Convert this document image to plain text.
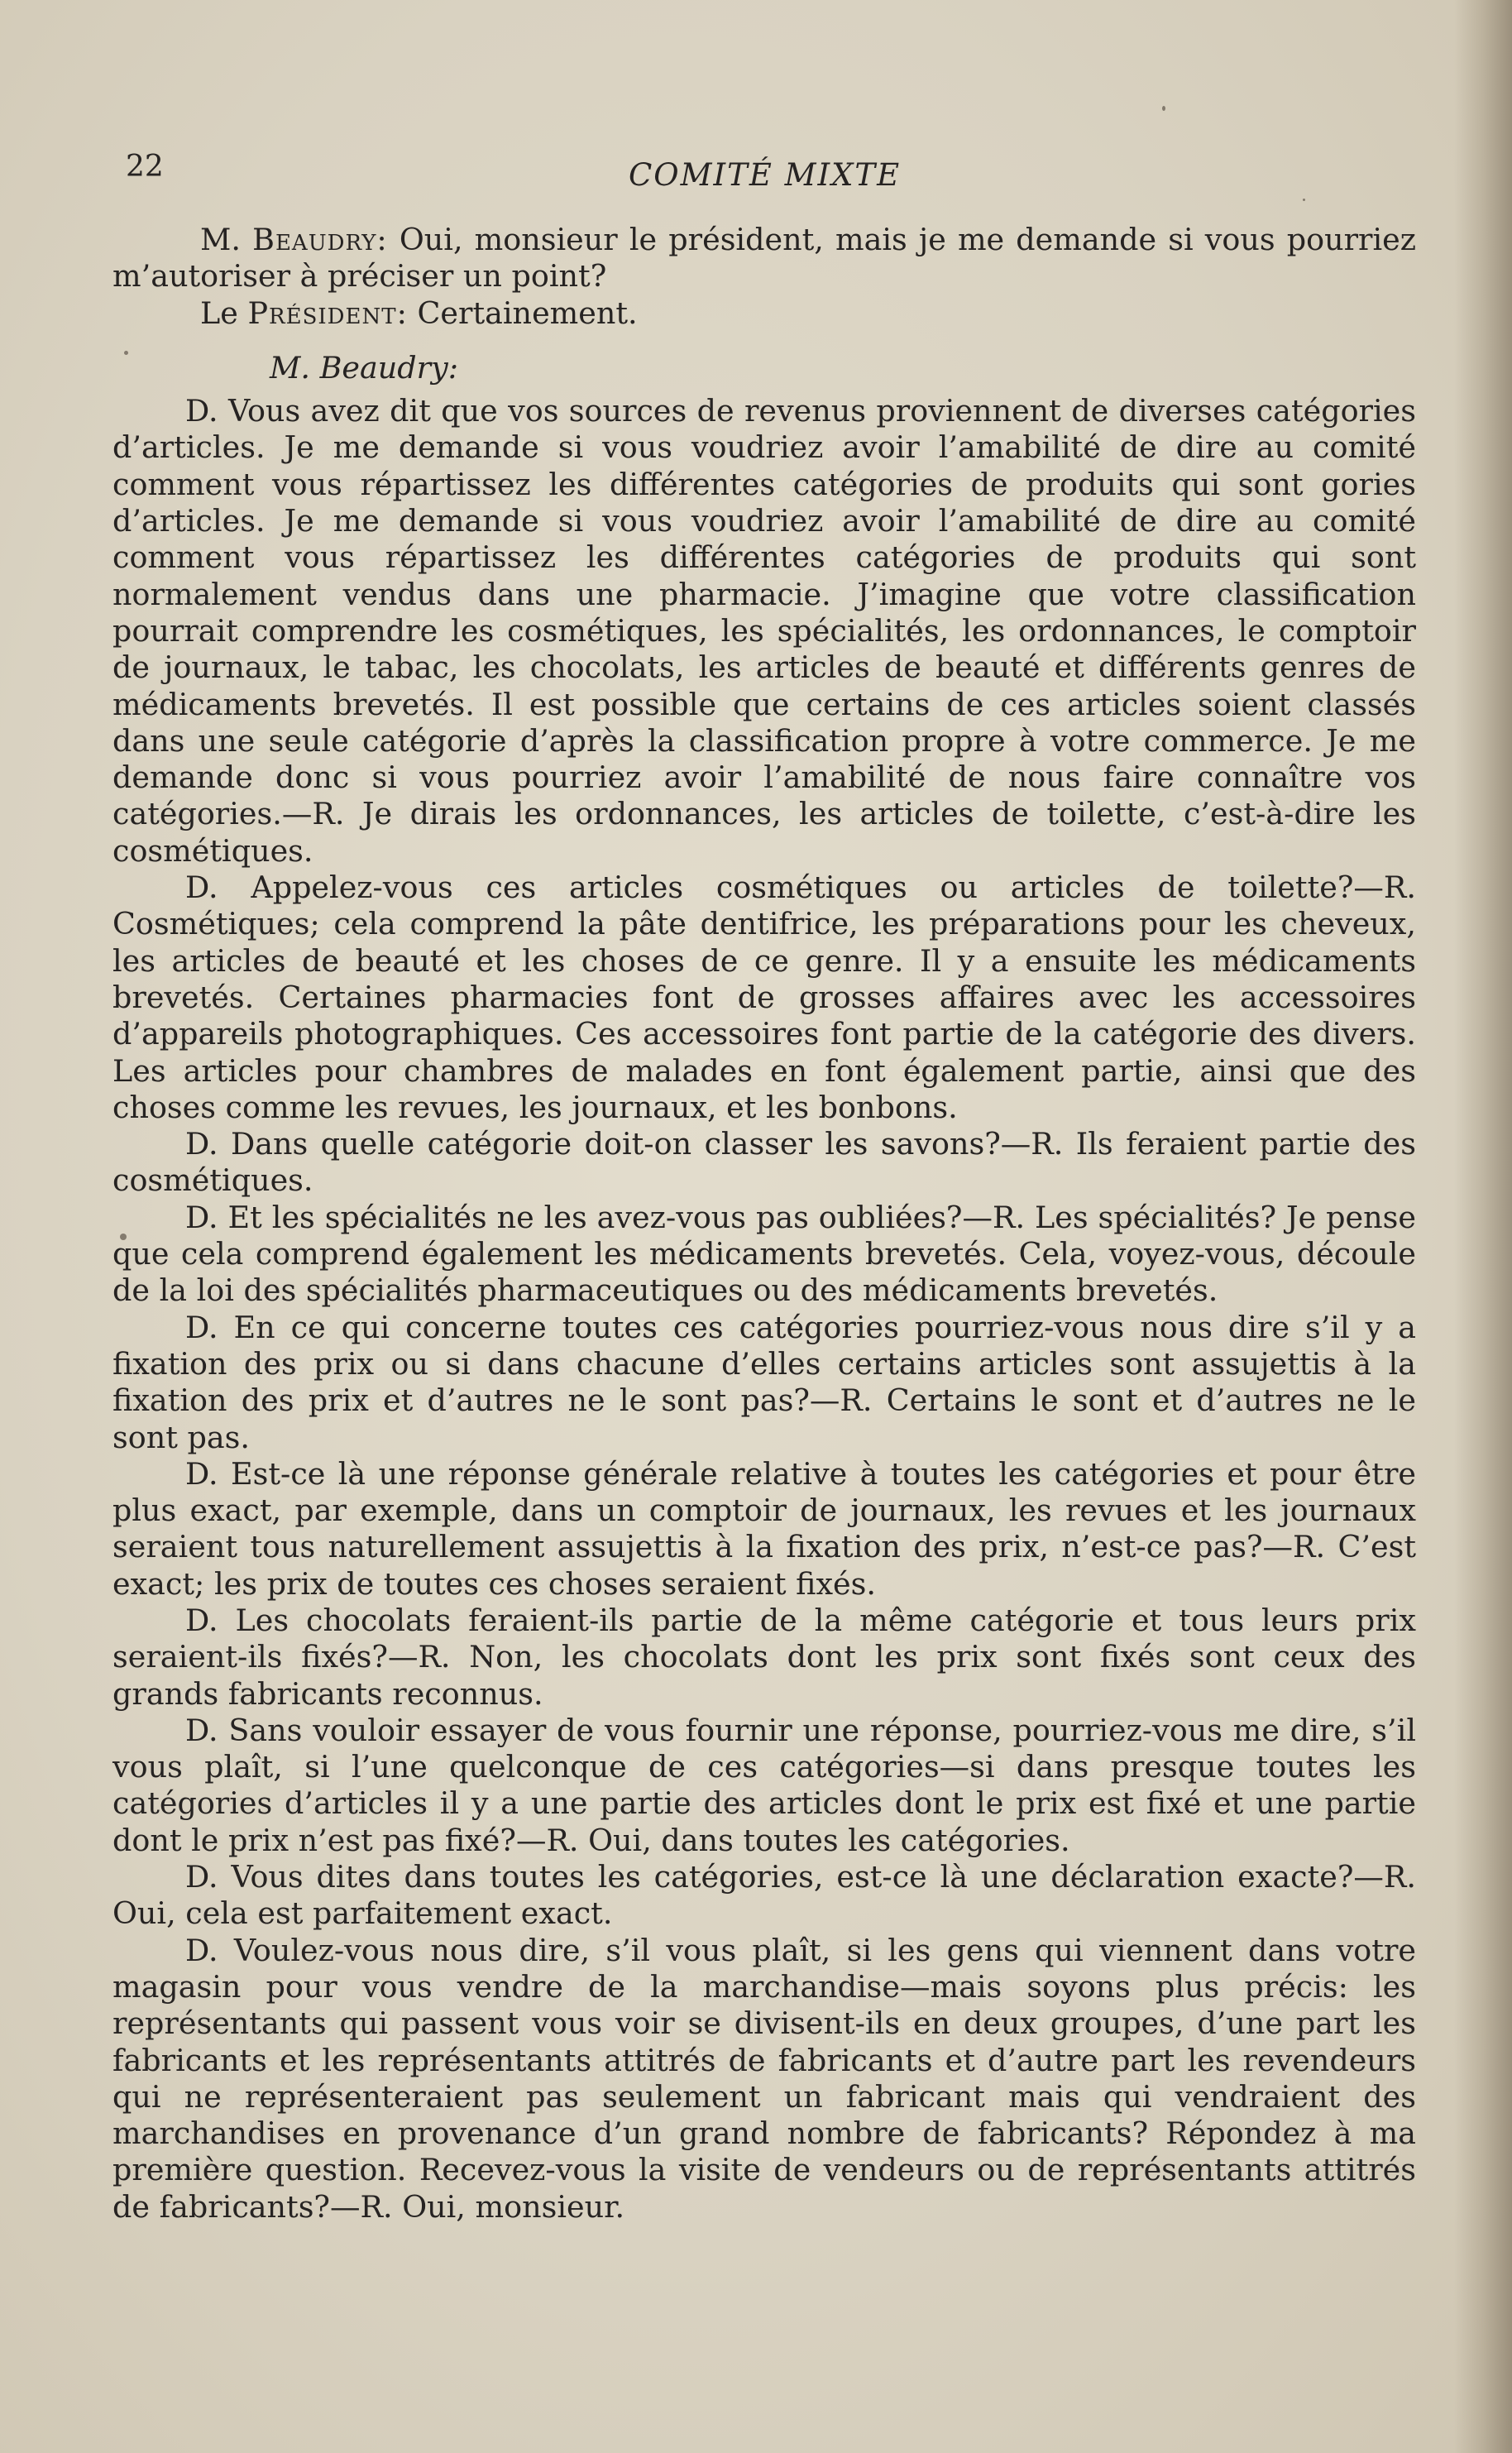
22	COMITÉ MIXTE

M. Beaudry: Oui, monsieur le président, mais je me demande si vous pourriez m’autoriser à préciser un point?

Le Président: Certainement.

M. Beaudry:

D. Vous avez dit que vos sources de revenus proviennent de diverses catégories d’articles. Je me demande si vous voudriez avoir l’amabilité de dire au comité comment vous répartissez les différentes catégories de produits qui sont gories d’articles. Je me demande si vous voudriez avoir l’amabilité de dire au comité comment vous répartissez les différentes catégories de produits qui sont normalement vendus dans une pharmacie. J’imagine que votre classification pourrait comprendre les cosmétiques, les spécialités, les ordonnances, le comptoir de journaux, le tabac, les chocolats, les articles de beauté et différents genres de médicaments brevetés. Il est possible que certains de ces articles soient classés dans une seule catégorie d’après la classification propre à votre commerce. Je me demande donc si vous pourriez avoir l’amabilité de nous faire connaître vos catégories.—R. Je dirais les ordonnances, les articles de toilette, c’est-à-dire les cosmétiques.

D. Appelez-vous ces articles cosmétiques ou articles de toilette?—R. Cosmétiques; cela comprend la pâte dentifrice, les préparations pour les cheveux, les articles de beauté et les choses de ce genre. Il y a ensuite les médicaments brevetés. Certaines pharmacies font de grosses affaires avec les accessoires d’appareils photographiques. Ces accessoires font partie de la catégorie des divers. Les articles pour chambres de malades en font également partie, ainsi que des choses comme les revues, les journaux, et les bonbons.

D. Dans quelle catégorie doit-on classer les savons?—R. Ils feraient partie des cosmétiques.

D. Et les spécialités ne les avez-vous pas oubliées?—R. Les spécialités? Je pense que cela comprend également les médicaments brevetés. Cela, voyez-vous, découle de la loi des spécialités pharmaceutiques ou des médicaments brevetés.

D. En ce qui concerne toutes ces catégories pourriez-vous nous dire s’il y a fixation des prix ou si dans chacune d’elles certains articles sont assujettis à la fixation des prix et d’autres ne le sont pas?—R. Certains le sont et d’autres ne le sont pas.

D. Est-ce là une réponse générale relative à toutes les catégories et pour être plus exact, par exemple, dans un comptoir de journaux, les revues et les journaux seraient tous naturellement assujettis à la fixation des prix, n’est-ce pas?—R. C’est exact; les prix de toutes ces choses seraient fixés.

D. Les chocolats feraient-ils partie de la même catégorie et tous leurs prix seraient-ils fixés?—R. Non, les chocolats dont les prix sont fixés sont ceux des grands fabricants reconnus.

D. Sans vouloir essayer de vous fournir une réponse, pourriez-vous me dire, s’il vous plaît, si l’une quelconque de ces catégories—si dans presque toutes les catégories d’articles il y a une partie des articles dont le prix est fixé et une partie dont le prix n’est pas fixé?—R. Oui, dans toutes les catégories.

D. Vous dites dans toutes les catégories, est-ce là une déclaration exacte?—R. Oui, cela est parfaitement exact.

D. Voulez-vous nous dire, s’il vous plaît, si les gens qui viennent dans votre magasin pour vous vendre de la marchandise—mais soyons plus précis: les représentants qui passent vous voir se divisent-ils en deux groupes, d’une part les fabricants et les représentants attitrés de fabricants et d’autre part les revendeurs qui ne représenteraient pas seulement un fabricant mais qui vendraient des marchandises en provenance d’un grand nombre de fabricants? Répondez à ma première question. Recevez-vous la visite de vendeurs ou de représentants attitrés de fabricants?—R. Oui, monsieur.
